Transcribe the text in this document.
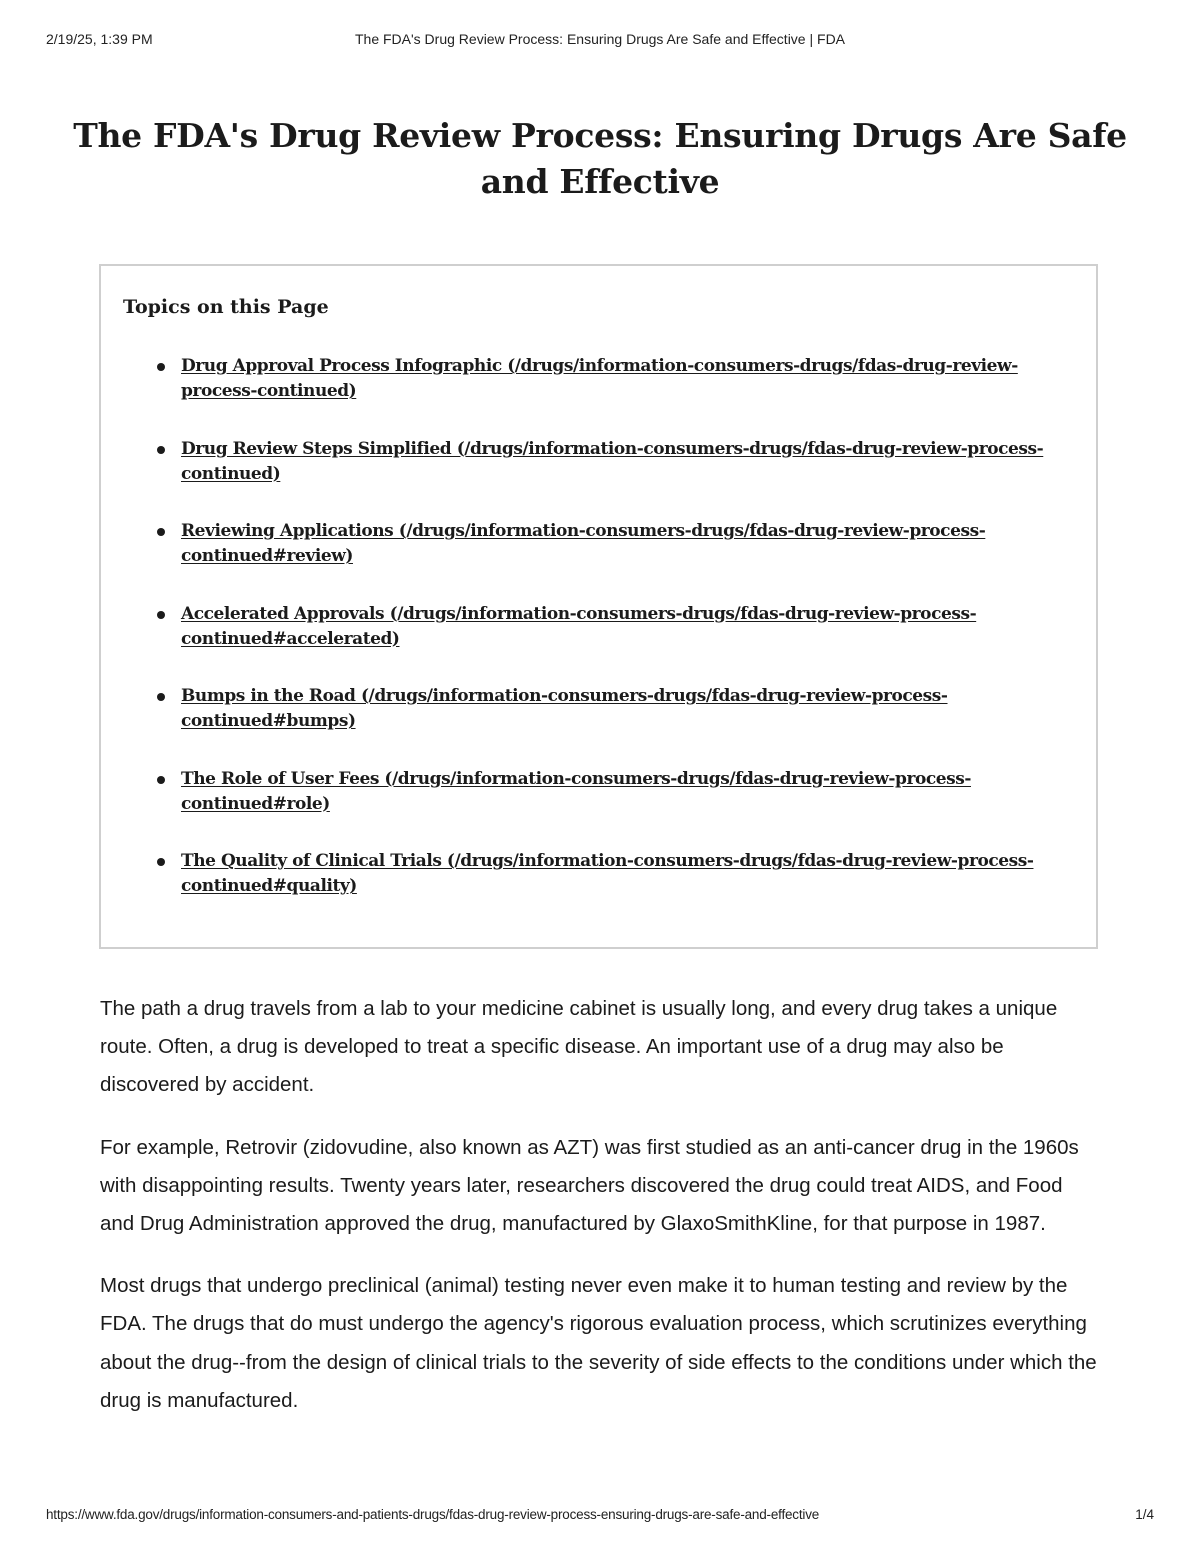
2/19/25, 1:39 PM	The FDA's Drug Review Process: Ensuring Drugs Are Safe and Effective | FDA
The FDA's Drug Review Process: Ensuring Drugs Are Safe and Effective
Topics on this Page
Drug Approval Process Infographic (/drugs/information-consumers-drugs/fdas-drug-review-process-continued)
Drug Review Steps Simplified (/drugs/information-consumers-drugs/fdas-drug-review-process-continued)
Reviewing Applications (/drugs/information-consumers-drugs/fdas-drug-review-process-continued#review)
Accelerated Approvals (/drugs/information-consumers-drugs/fdas-drug-review-process-continued#accelerated)
Bumps in the Road (/drugs/information-consumers-drugs/fdas-drug-review-process-continued#bumps)
The Role of User Fees (/drugs/information-consumers-drugs/fdas-drug-review-process-continued#role)
The Quality of Clinical Trials (/drugs/information-consumers-drugs/fdas-drug-review-process-continued#quality)

The path a drug travels from a lab to your medicine cabinet is usually long, and every drug takes a unique route. Often, a drug is developed to treat a specific disease. An important use of a drug may also be discovered by accident.

For example, Retrovir (zidovudine, also known as AZT) was first studied as an anti-cancer drug in the 1960s with disappointing results. Twenty years later, researchers discovered the drug could treat AIDS, and Food and Drug Administration approved the drug, manufactured by GlaxoSmithKline, for that purpose in 1987.

Most drugs that undergo preclinical (animal) testing never even make it to human testing and review by the FDA. The drugs that do must undergo the agency's rigorous evaluation process, which scrutinizes everything about the drug--from the design of clinical trials to the severity of side effects to the conditions under which the drug is manufactured.

https://www.fda.gov/drugs/information-consumers-and-patients-drugs/fdas-drug-review-process-ensuring-drugs-are-safe-and-effective	1/4
